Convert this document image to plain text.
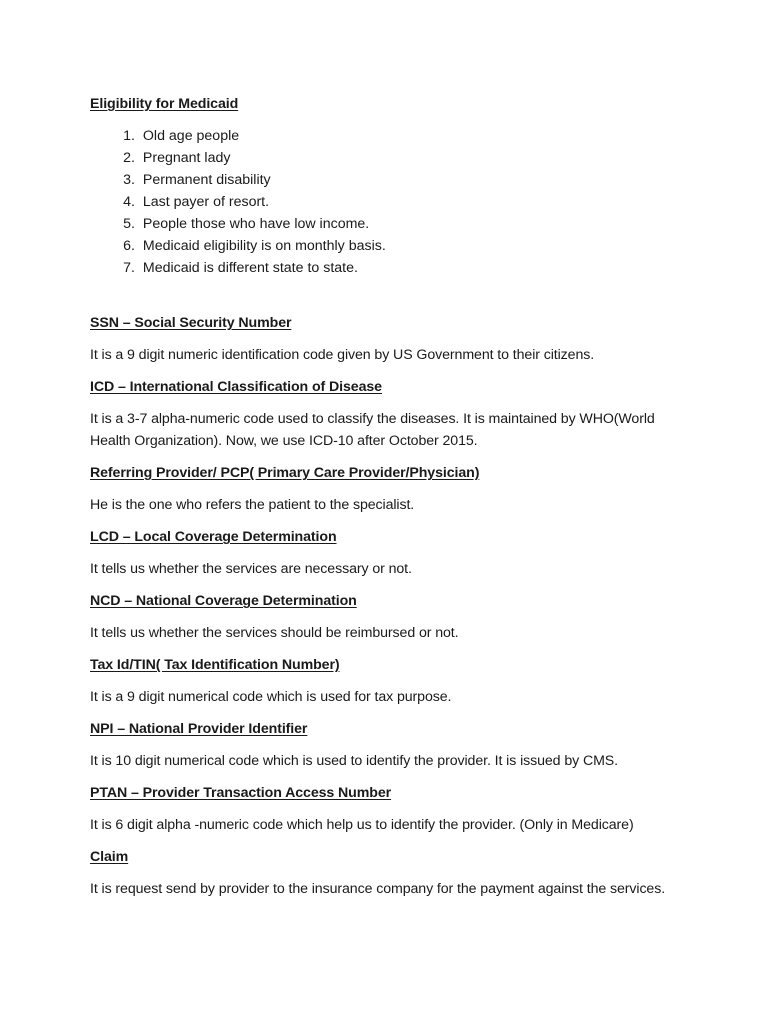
Eligibility for Medicaid

1.
Old age people
2.
Pregnant lady
3.
Permanent disability
4.
Last payer of resort.
5.
People those who have low income.
6.
Medicaid eligibility is on monthly basis.
7.
Medicaid is different state to state.

SSN – Social Security Number

It is a 9 digit numeric identification code given by US Government to their citizens.

ICD – International Classification of Disease

It is a 3-7 alpha-numeric code used to classify the diseases. It is maintained by WHO(World Health Organization). Now, we use ICD-10 after October 2015.

Referring Provider/ PCP( Primary Care Provider/Physician)

He is the one who refers the patient to the specialist.

LCD – Local Coverage Determination

It tells us whether the services are necessary or not.

NCD – National Coverage Determination

It tells us whether the services should be reimbursed or not.

Tax Id/TIN( Tax Identification Number)

It is a 9 digit numerical code which is used for tax purpose.

NPI – National Provider Identifier

It is 10 digit numerical code which is used to identify the provider. It is issued by CMS.

PTAN – Provider Transaction Access Number

It is 6 digit alpha -numeric code which help us to identify the provider. (Only in Medicare)

Claim

It is request send by provider to the insurance company for the payment against the services.
